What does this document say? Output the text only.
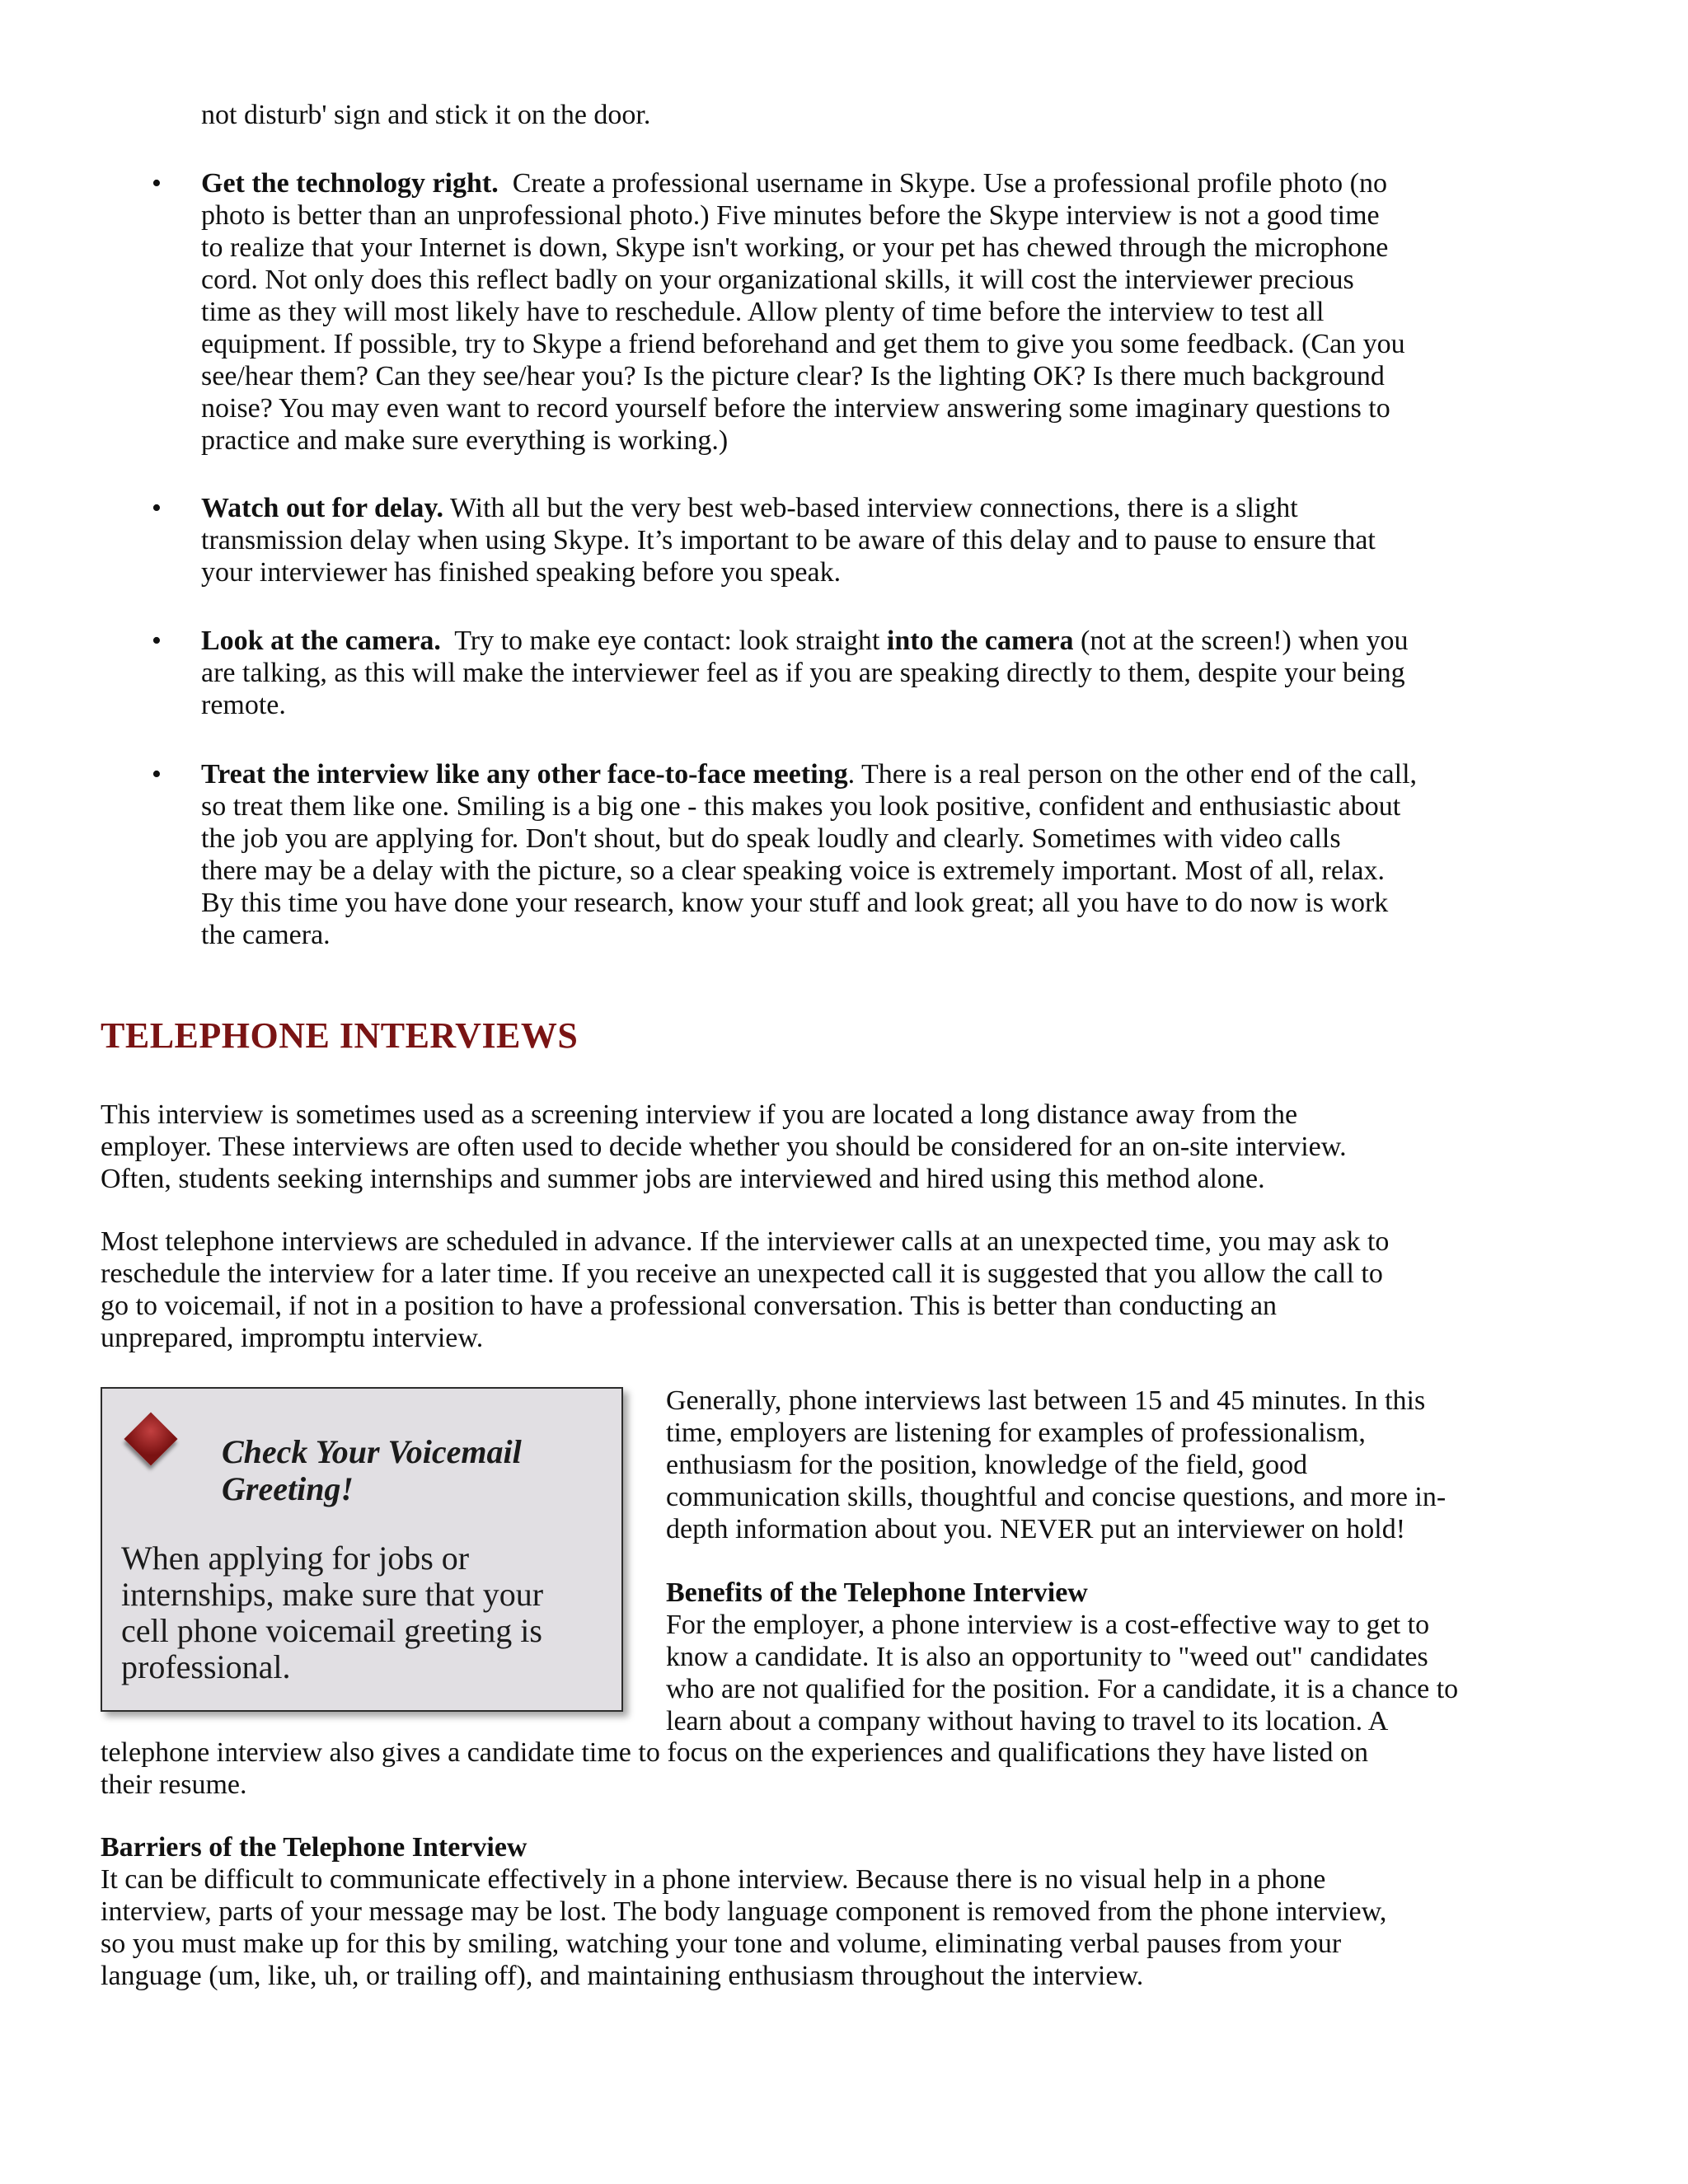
not disturb' sign and stick it on the door.

• Get the technology right. Create a professional username in Skype. Use a professional profile photo (no
photo is better than an unprofessional photo.) Five minutes before the Skype interview is not a good time
to realize that your Internet is down, Skype isn't working, or your pet has chewed through the microphone
cord. Not only does this reflect badly on your organizational skills, it will cost the interviewer precious
time as they will most likely have to reschedule. Allow plenty of time before the interview to test all
equipment. If possible, try to Skype a friend beforehand and get them to give you some feedback. (Can you
see/hear them? Can they see/hear you? Is the picture clear? Is the lighting OK? Is there much background
noise? You may even want to record yourself before the interview answering some imaginary questions to
practice and make sure everything is working.)
• Watch out for delay. With all but the very best web-based interview connections, there is a slight
transmission delay when using Skype. It’s important to be aware of this delay and to pause to ensure that
your interviewer has finished speaking before you speak.
• Look at the camera. Try to make eye contact: look straight into the camera (not at the screen!) when you
are talking, as this will make the interviewer feel as if you are speaking directly to them, despite your being
remote.
• Treat the interview like any other face-to-face meeting. There is a real person on the other end of the call,
so treat them like one. Smiling is a big one - this makes you look positive, confident and enthusiastic about
the job you are applying for. Don't shout, but do speak loudly and clearly. Sometimes with video calls
there may be a delay with the picture, so a clear speaking voice is extremely important. Most of all, relax.
By this time you have done your research, know your stuff and look great; all you have to do now is work
the camera.
TELEPHONE INTERVIEWS
This interview is sometimes used as a screening interview if you are located a long distance away from the
employer. These interviews are often used to decide whether you should be considered for an on-site interview.
Often, students seeking internships and summer jobs are interviewed and hired using this method alone.
Most telephone interviews are scheduled in advance. If the interviewer calls at an unexpected time, you may ask to
reschedule the interview for a later time. If you receive an unexpected call it is suggested that you allow the call to
go to voicemail, if not in a position to have a professional conversation. This is better than conducting an
unprepared, impromptu interview.
Check Your Voicemail
Greeting!
When applying for jobs or
internships, make sure that your
cell phone voicemail greeting is
professional.
Generally, phone interviews last between 15 and 45 minutes. In this
time, employers are listening for examples of professionalism,
enthusiasm for the position, knowledge of the field, good
communication skills, thoughtful and concise questions, and more in-
depth information about you. NEVER put an interviewer on hold!
Benefits of the Telephone Interview
For the employer, a phone interview is a cost-effective way to get to
know a candidate. It is also an opportunity to "weed out" candidates
who are not qualified for the position. For a candidate, it is a chance to
learn about a company without having to travel to its location. A
telephone interview also gives a candidate time to focus on the experiences and qualifications they have listed on
their resume.
Barriers of the Telephone Interview
It can be difficult to communicate effectively in a phone interview. Because there is no visual help in a phone
interview, parts of your message may be lost. The body language component is removed from the phone interview,
so you must make up for this by smiling, watching your tone and volume, eliminating verbal pauses from your
language (um, like, uh, or trailing off), and maintaining enthusiasm throughout the interview.
